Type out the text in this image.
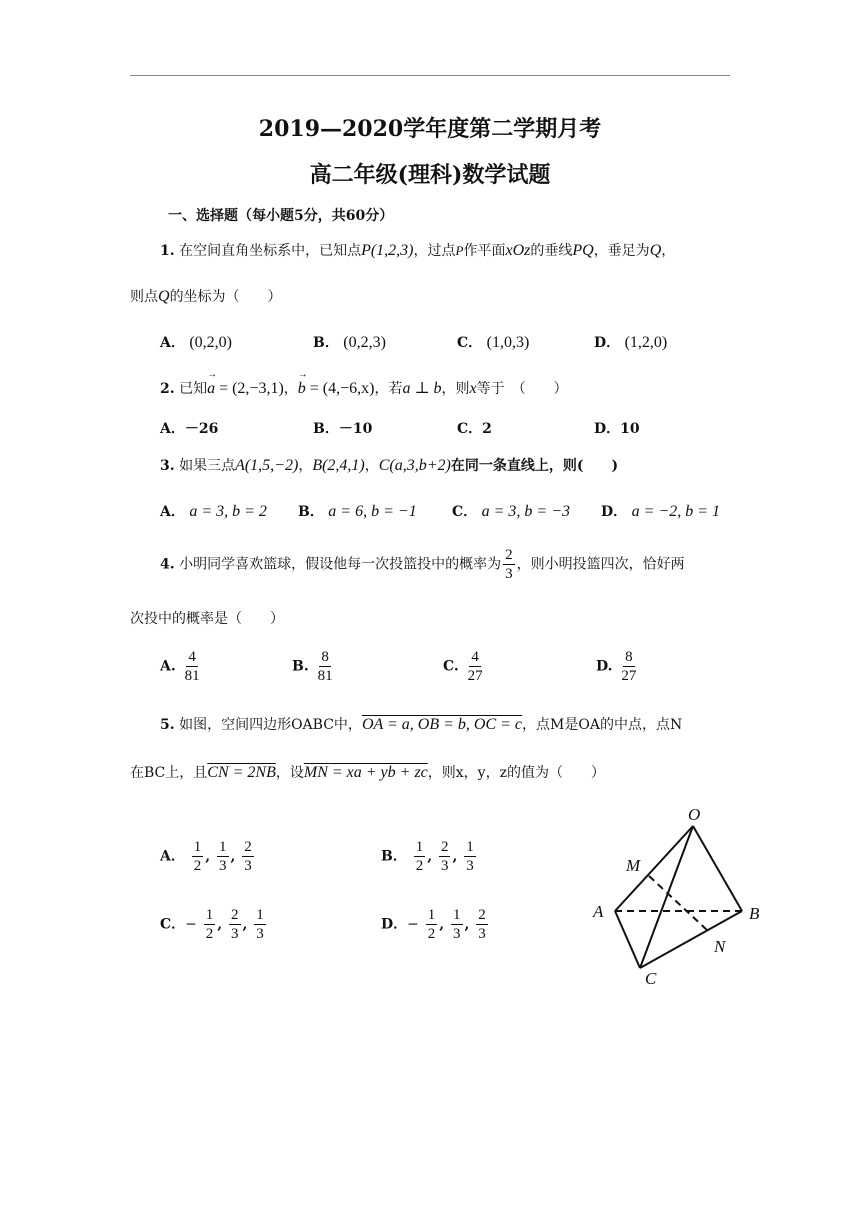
2019—2020学年度第二学期月考
高二年级(理科)数学试题
一、选择题（每小题5分，共60分）
1. 在空间直角坐标系中，已知点P(1,2,3)，过点P作平面xOz的垂线PQ，垂足为Q，
则点Q的坐标为（　　）
A． (0,2,0)	B． (0,2,3)	C． (1,0,3)	D． (1,2,0)
2. 已知→ a = (2,−3,1)，→ b = (4,−6,x)，若a ⊥ b，则x等于　（　　）
A．－26	B．－10	C．2	D．10
3. 如果三点A(1,5,−2)，B(2,4,1)，C(a,3,b+2)在同一条直线上，则(　　)
A． a = 3, b = 2 B． a = 6, b = −1	C． a = 3, b = −3 D． a = −2, b = 1
4. 小明同学喜欢篮球，假设他每一次投篮投中的概率为 $\frac{2}{3}$ ，则小明投篮四次，恰好两
次投中的概率是（　　）
A. $\frac{4}{81}$	B. $\frac{8}{81}$	C. $\frac{4}{27}$	D. $\frac{8}{27}$
5. 如图，空间四边形OABC中，OA = a, OB = b, OC = c，点M是OA的中点，点N
在BC上，且CN = 2NB，设MN = xa + yb + zc，则x，y，z的值为（　　）
A． $\frac{1}{2}$ , $\frac{1}{3}$ , $\frac{2}{3}$	B． $\frac{1}{2}$ , $\frac{2}{3}$ , $\frac{1}{3}$
C．− $\frac{1}{2}$ , $\frac{2}{3}$ , $\frac{1}{3}$	D．− $\frac{1}{2}$ , $\frac{1}{3}$ , $\frac{2}{3}$
O
M
A	B
N
C
